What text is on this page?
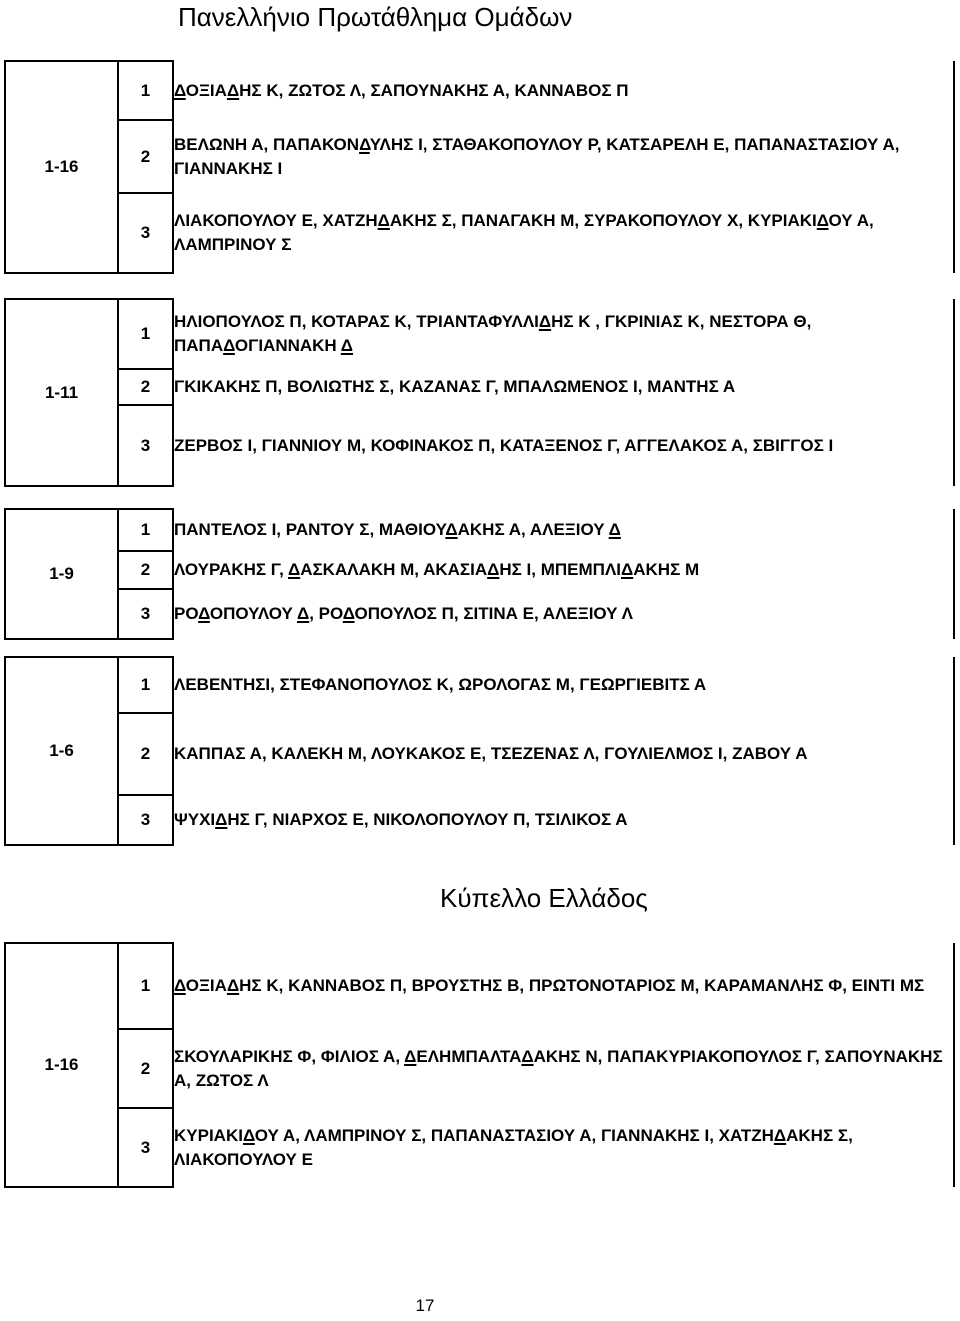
Πανελλήνιο Πρωτάθλημα Ομάδων
1-16	1	ΔΟΞΙΑΔΗΣ Κ, ΖΩΤΟΣ Λ, ΣΑΠΟΥΝΑΚΗΣ Α, ΚΑΝΝΑΒΟΣ Π

	2	ΒΕΛΩΝΗ Α, ΠΑΠΑΚΟΝΔΥΛΗΣ Ι, ΣΤΑΘΑΚΟΠΟΥΛΟΥ Ρ, ΚΑΤΣΑΡΕΛΗ Ε, ΠΑΠΑΝΑΣΤΑΣΙΟΥ Α, ΓΙΑΝΝΑΚΗΣ Ι

	3	ΛΙΑΚΟΠΟΥΛΟΥ Ε, ΧΑΤΖΗΔΑΚΗΣ Σ, ΠΑΝΑΓΑΚΗ Μ, ΣΥΡΑΚΟΠΟΥΛΟΥ Χ, ΚΥΡΙΑΚΙΔΟΥ Α, ΛΑΜΠΡΙΝΟΥ Σ
1-11	1	ΗΛΙΟΠΟΥΛΟΣ Π, ΚΟΤΑΡΑΣ Κ, ΤΡΙΑΝΤΑΦΥΛΛΙΔΗΣ Κ , ΓΚΡΙΝΙΑΣ Κ, ΝΕΣΤΟΡΑ Θ, ΠΑΠΑΔΟΓΙΑΝΝΑΚΗ Δ

	2	ΓΚΙΚΑΚΗΣ Π, ΒΟΛΙΩΤΗΣ Σ, ΚΑΖΑΝΑΣ Γ, ΜΠΑΛΩΜΕΝΟΣ Ι, ΜΑΝΤΗΣ Α

	3	ΖΕΡΒΟΣ Ι, ΓΙΑΝΝΙΟΥ Μ, ΚΟΦΙΝΑΚΟΣ Π, ΚΑΤΑΞΕΝΟΣ Γ, ΑΓΓΕΛΑΚΟΣ Α, ΣΒΙΓΓΟΣ Ι
1-9	1	ΠΑΝΤΕΛΟΣ Ι, ΡΑΝΤΟΥ Σ, ΜΑΘΙΟΥΔΑΚΗΣ Α, ΑΛΕΞΙΟΥ Δ

	2	ΛΟΥΡΑΚΗΣ Γ, ΔΑΣΚΑΛΑΚΗ Μ, ΑΚΑΣΙΑΔΗΣ Ι, ΜΠΕΜΠΛΙΔΑΚΗΣ Μ

	3	ΡΟΔΟΠΟΥΛΟΥ Δ, ΡΟΔΟΠΟΥΛΟΣ Π, ΣΙΤΙΝΑ Ε, ΑΛΕΞΙΟΥ Λ
1-6	1	ΛΕΒΕΝΤΗΣΙ, ΣΤΕΦΑΝΟΠΟΥΛΟΣ Κ, ΩΡΟΛΟΓΑΣ Μ, ΓΕΩΡΓΙΕΒΙΤΣ Α

	2	ΚΑΠΠΑΣ Α, ΚΑΛΕΚΗ Μ, ΛΟΥΚΑΚΟΣ Ε, ΤΣΕΖΕΝΑΣ Λ, ΓΟΥΛΙΕΛΜΟΣ Ι, ΖΑΒΟΥ Α

	3	ΨΥΧΙΔΗΣ Γ, ΝΙΑΡΧΟΣ Ε, ΝΙΚΟΛΟΠΟΥΛΟΥ Π, ΤΣΙΛΙΚΟΣ Α
Κύπελλο Ελλάδος
1-16	1	ΔΟΞΙΑΔΗΣ Κ, ΚΑΝΝΑΒΟΣ Π, ΒΡΟΥΣΤΗΣ Β, ΠΡΩΤΟΝΟΤΑΡΙΟΣ Μ, ΚΑΡΑΜΑΝΛΗΣ Φ, ΕΙΝΤΙ ΜΣ

	2	ΣΚΟΥΛΑΡΙΚΗΣ Φ, ΦΙΛΙΟΣ Α, ΔΕΛΗΜΠΑΛΤΑΔΑΚΗΣ Ν, ΠΑΠΑΚΥΡΙΑΚΟΠΟΥΛΟΣ Γ, ΣΑΠΟΥΝΑΚΗΣ Α, ΖΩΤΟΣ Λ

	3	ΚΥΡΙΑΚΙΔΟΥ Α, ΛΑΜΠΡΙΝΟΥ Σ, ΠΑΠΑΝΑΣΤΑΣΙΟΥ Α, ΓΙΑΝΝΑΚΗΣ Ι, ΧΑΤΖΗΔΑΚΗΣ Σ, ΛΙΑΚΟΠΟΥΛΟΥ Ε
17
